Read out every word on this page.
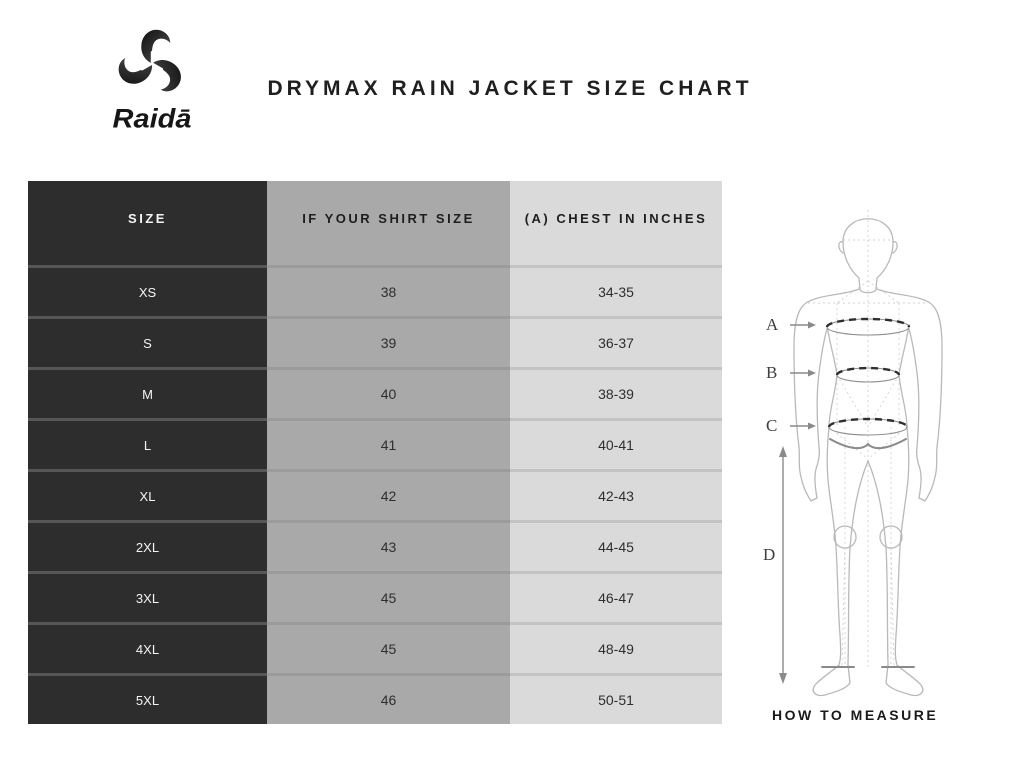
Raidā
DRYMAX RAIN JACKET SIZE CHART
SIZE	IF YOUR SHIRT SIZE	(A) CHEST IN INCHES
XS	38	34-35
S	39	36-37
M	40	38-39
L	41	40-41
XL	42	42-43
2XL	43	44-45
3XL	45	46-47
4XL	45	48-49
5XL	46	50-51
A
B
C
D
HOW TO MEASURE
